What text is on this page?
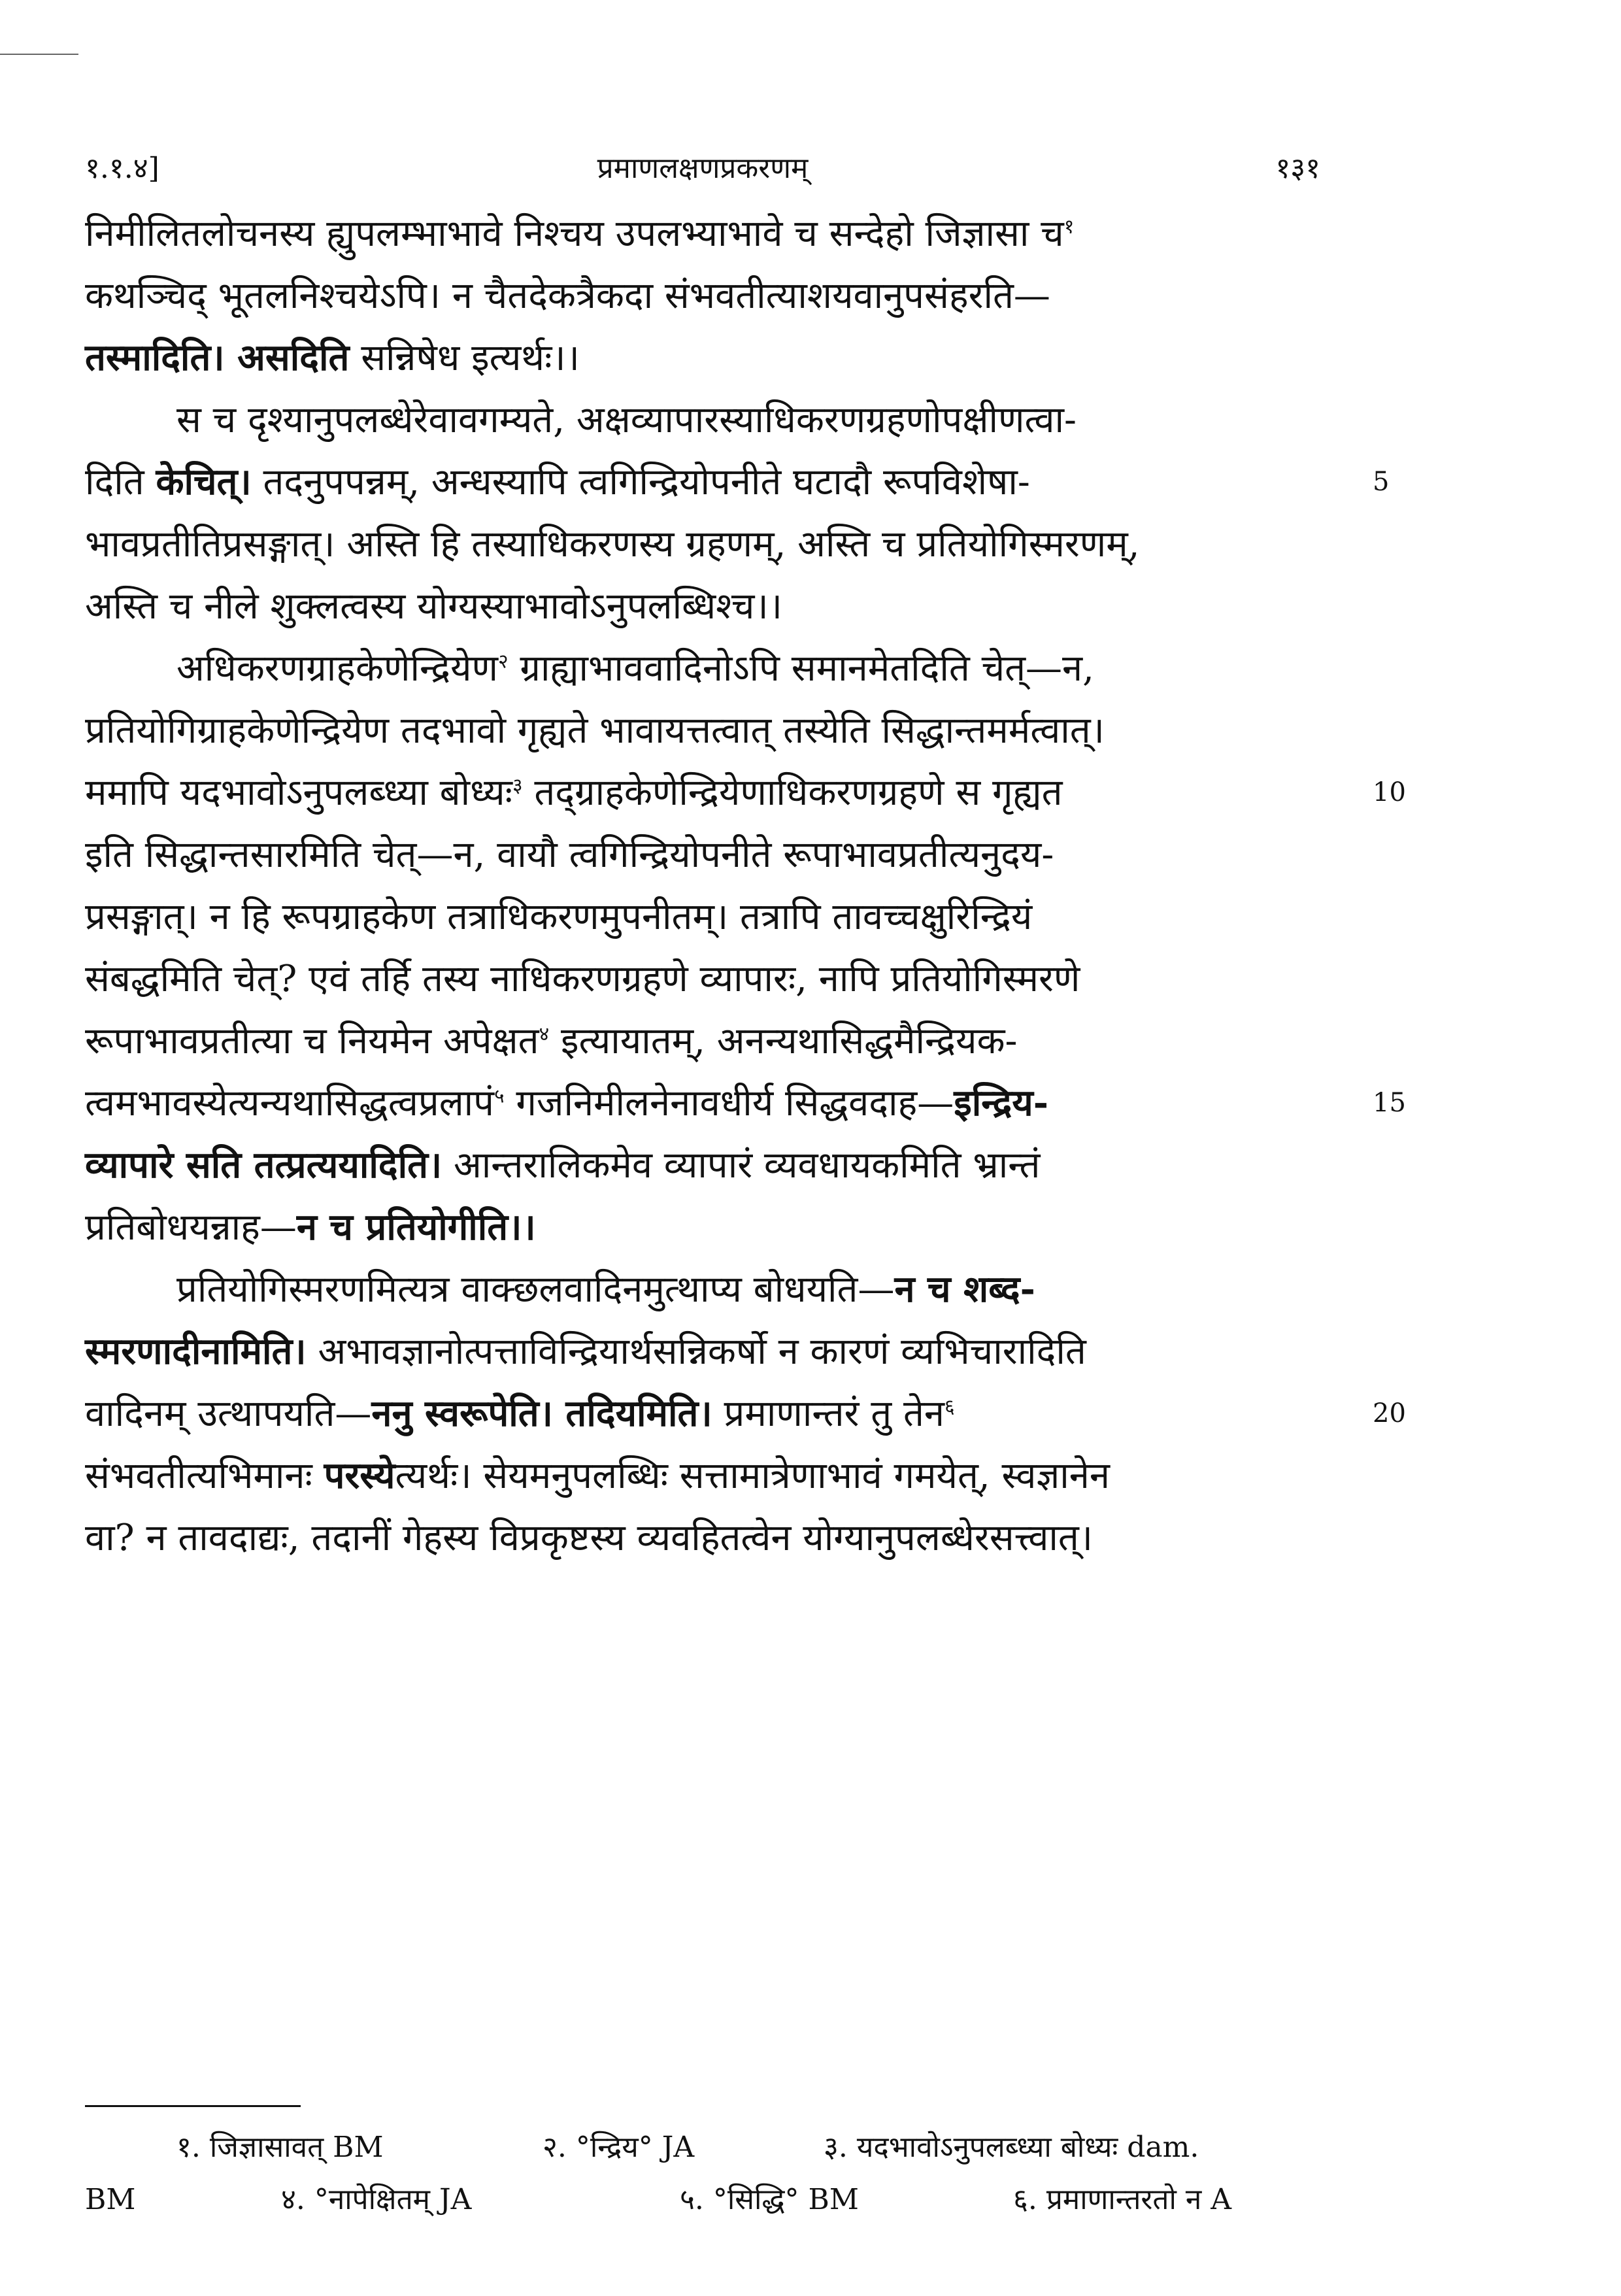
१.१.४]	प्रमाणलक्षणप्रकरणम्	१३१
निमीलितलोचनस्य ह्युपलम्भाभावे निश्चय उपलभ्याभावे च सन्देहो जिज्ञासा च$^१$
कथञ्चिद् भूतलनिश्चयेऽपि। न चैतदेकत्रैकदा संभवतीत्याशयवानुपसंहरति—
तस्मादिति। असदिति सन्निषेध इत्यर्थः।।
स च दृश्यानुपलब्धेरेवावगम्यते, अक्षव्यापारस्याधिकरणग्रहणोपक्षीणत्वा-
दिति केचित्। तदनुपपन्नम्, अन्धस्यापि त्वगिन्द्रियोपनीते घटादौ रूपविशेषा-	5
भावप्रतीतिप्रसङ्गात्। अस्ति हि तस्याधिकरणस्य ग्रहणम्, अस्ति च प्रतियोगिस्मरणम्,
अस्ति च नीले शुक्लत्वस्य योग्यस्याभावोऽनुपलब्धिश्च।।
अधिकरणग्राहकेणेन्द्रियेण$^२$ ग्राह्याभाववादिनोऽपि समानमेतदिति चेत्—न,
प्रतियोगिग्राहकेणेन्द्रियेण तदभावो गृह्यते भावायत्तत्वात् तस्येति सिद्धान्तमर्मत्वात्।
ममापि यदभावोऽनुपलब्ध्या बोध्यः$^३$ तद्ग्राहकेणेन्द्रियेणाधिकरणग्रहणे स गृह्यत	10
इति सिद्धान्तसारमिति चेत्—न, वायौ त्वगिन्द्रियोपनीते रूपाभावप्रतीत्यनुदय-
प्रसङ्गात्। न हि रूपग्राहकेण तत्राधिकरणमुपनीतम्। तत्रापि तावच्चक्षुरिन्द्रियं
संबद्धमिति चेत्? एवं तर्हि तस्य नाधिकरणग्रहणे व्यापारः, नापि प्रतियोगिस्मरणे
रूपाभावप्रतीत्या च नियमेन अपेक्षत$^४$ इत्यायातम्, अनन्यथासिद्धमैन्द्रियक-
त्वमभावस्येत्यन्यथासिद्धत्वप्रलापं$^५$ गजनिमीलनेनावधीर्य सिद्धवदाह—इन्द्रिय-	15
व्यापारे सति तत्प्रत्ययादिति। आन्तरालिकमेव व्यापारं व्यवधायकमिति भ्रान्तं
प्रतिबोधयन्नाह—न च प्रतियोगीति।।
प्रतियोगिस्मरणमित्यत्र वाक्छलवादिनमुत्थाप्य बोधयति—न च शब्द-
स्मरणादीनामिति। अभावज्ञानोत्पत्ताविन्द्रियार्थसन्निकर्षो न कारणं व्यभिचारादिति
वादिनम् उत्थापयति—ननु स्वरूपेति। तदियमिति। प्रमाणान्तरं तु तेन$^६$	20
संभवतीत्यभिमानः परस्येत्यर्थः। सेयमनुपलब्धिः सत्तामात्रेणाभावं गमयेत्, स्वज्ञानेन
वा? न तावदाद्यः, तदानीं गेहस्य विप्रकृष्टस्य व्यवहितत्वेन योग्यानुपलब्धेरसत्त्वात्।
१. जिज्ञासावत् BM	२. °न्द्रिय° JA	३. यदभावोऽनुपलब्ध्या बोध्यः dam.
BM	४. °नापेक्षितम् JA	५. °सिद्धि° BM	६. प्रमाणान्तरतो न A
